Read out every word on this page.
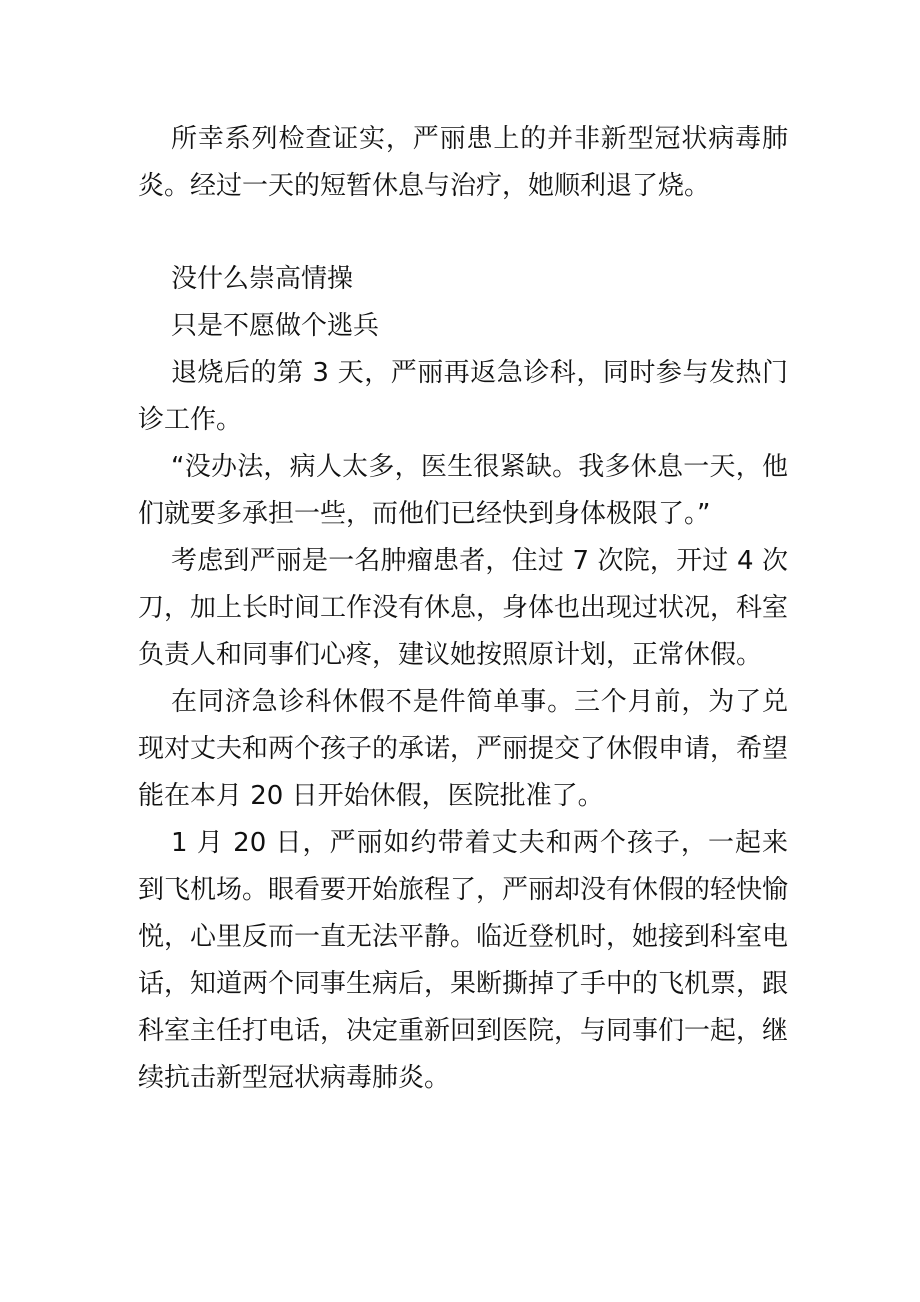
所幸系列检查证实，严丽患上的并非新型冠状病毒肺炎。经过一天的短暂休息与治疗，她顺利退了烧。

没什么崇高情操

只是不愿做个逃兵

退烧后的第 3 天，严丽再返急诊科，同时参与发热门诊工作。

“没办法，病人太多，医生很紧缺。我多休息一天，他们就要多承担一些，而他们已经快到身体极限了。”

考虑到严丽是一名肿瘤患者，住过 7 次院，开过 4 次刀，加上长时间工作没有休息，身体也出现过状况，科室负责人和同事们心疼，建议她按照原计划，正常休假。

在同济急诊科休假不是件简单事。三个月前，为了兑现对丈夫和两个孩子的承诺，严丽提交了休假申请，希望能在本月 20 日开始休假，医院批准了。

1 月 20 日，严丽如约带着丈夫和两个孩子，一起来到飞机场。眼看要开始旅程了，严丽却没有休假的轻快愉悦，心里反而一直无法平静。临近登机时，她接到科室电话，知道两个同事生病后，果断撕掉了手中的飞机票，跟科室主任打电话，决定重新回到医院，与同事们一起，继续抗击新型冠状病毒肺炎。
